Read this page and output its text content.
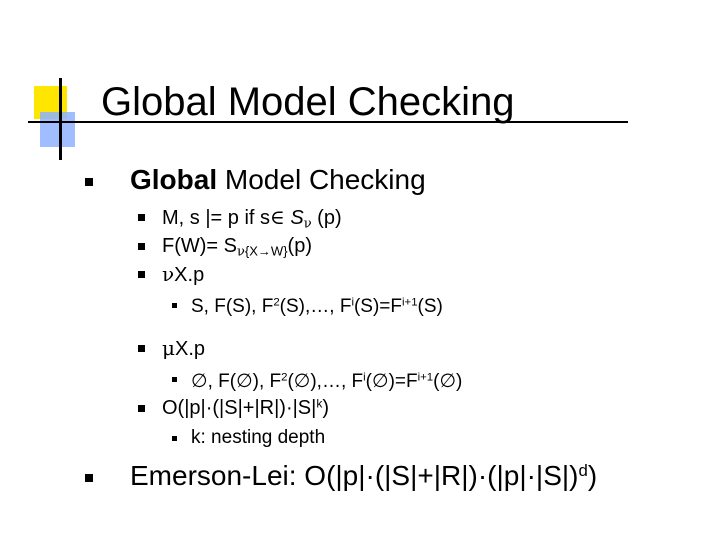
Global Model Checking
Global Model Checking
M, s |= p if s∈ $S_\nu$ (p)
$F(W)= S_{\nu\{X\to W\}}(p)$
νX.p
S, F(S), $F^2(S),\dots$, $F^i(S)=F^{i+1}(S)$
μX.p
∅, F(∅), $F^2(\emptyset),\dots$, $F^i(\emptyset)=F^{i+1}(\emptyset)$
$O(|p|\cdot(|S|+|R|)\cdot|S|^k)$
k: nesting depth
Emerson-Lei: $O(|p|\cdot(|S|+|R|)\cdot(|p|\cdot|S|)^d)$
